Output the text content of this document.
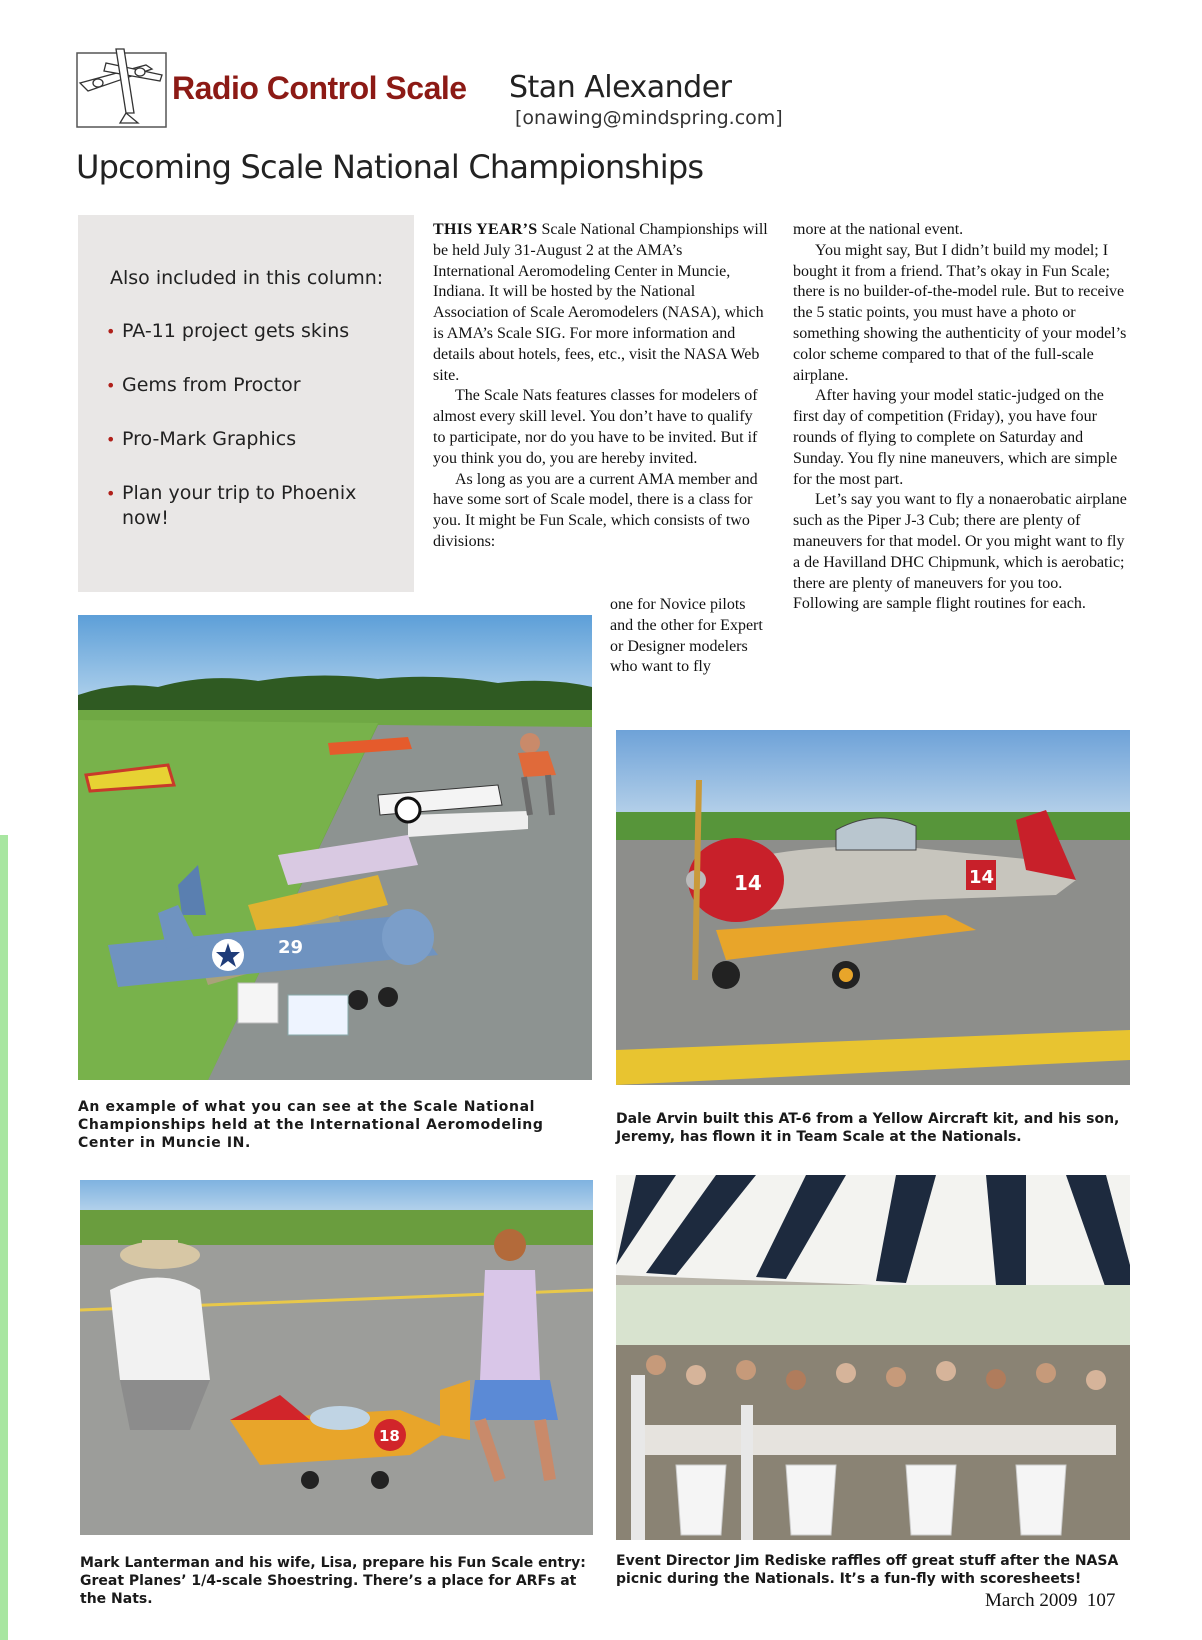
Radio Control Scale Stan Alexander
[onawing@mindspring.com]
Upcoming Scale National Championships
Also included in this column:
• PA-11 project gets skins
• Gems from Proctor
• Pro-Mark Graphics
• Plan your trip to Phoenix now!

THIS YEAR’S Scale National Championships will be held July 31-August 2 at the AMA’s International Aeromodeling Center in Muncie, Indiana. It will be hosted by the National Association of Scale Aeromodelers (NASA), which is AMA’s Scale SIG. For more information and details about hotels, fees, etc., visit the NASA Web site.

The Scale Nats features classes for modelers of almost every skill level. You don’t have to qualify to participate, nor do you have to be invited. But if you think you do, you are hereby invited.

As long as you are a current AMA member and have some sort of Scale model, there is a class for you. It might be Fun Scale, which consists of two divisions:

one for Novice pilots and the other for Expert or Designer modelers who want to fly

more at the national event.

You might say, But I didn’t build my model; I bought it from a friend. That’s okay in Fun Scale; there is no builder-of-the-model rule. But to receive the 5 static points, you must have a photo or something showing the authenticity of your model’s color scheme compared to that of the full-scale airplane.

After having your model static-judged on the first day of competition (Friday), you have four rounds of flying to complete on Saturday and Sunday. You fly nine maneuvers, which are simple for the most part.

Let’s say you want to fly a nonaerobatic airplane such as the Piper J-3 Cub; there are plenty of maneuvers for that model. Or you might want to fly a de Havilland DHC Chipmunk, which is aerobatic; there are plenty of maneuvers for you too. Following are sample flight routines for each.

29
An example of what you can see at the Scale National Championships held at the International Aeromodeling Center in Muncie IN.
14	14
Dale Arvin built this AT-6 from a Yellow Aircraft kit, and his son, Jeremy, has flown it in Team Scale at the Nationals.
18
Mark Lanterman and his wife, Lisa, prepare his Fun Scale entry: Great Planes’ 1/4-scale Shoestring. There’s a place for ARFs at the Nats.
Event Director Jim Rediske raffles off great stuff after the NASA picnic during the Nationals. It’s a fun-fly with scoresheets!
March 2009 107
